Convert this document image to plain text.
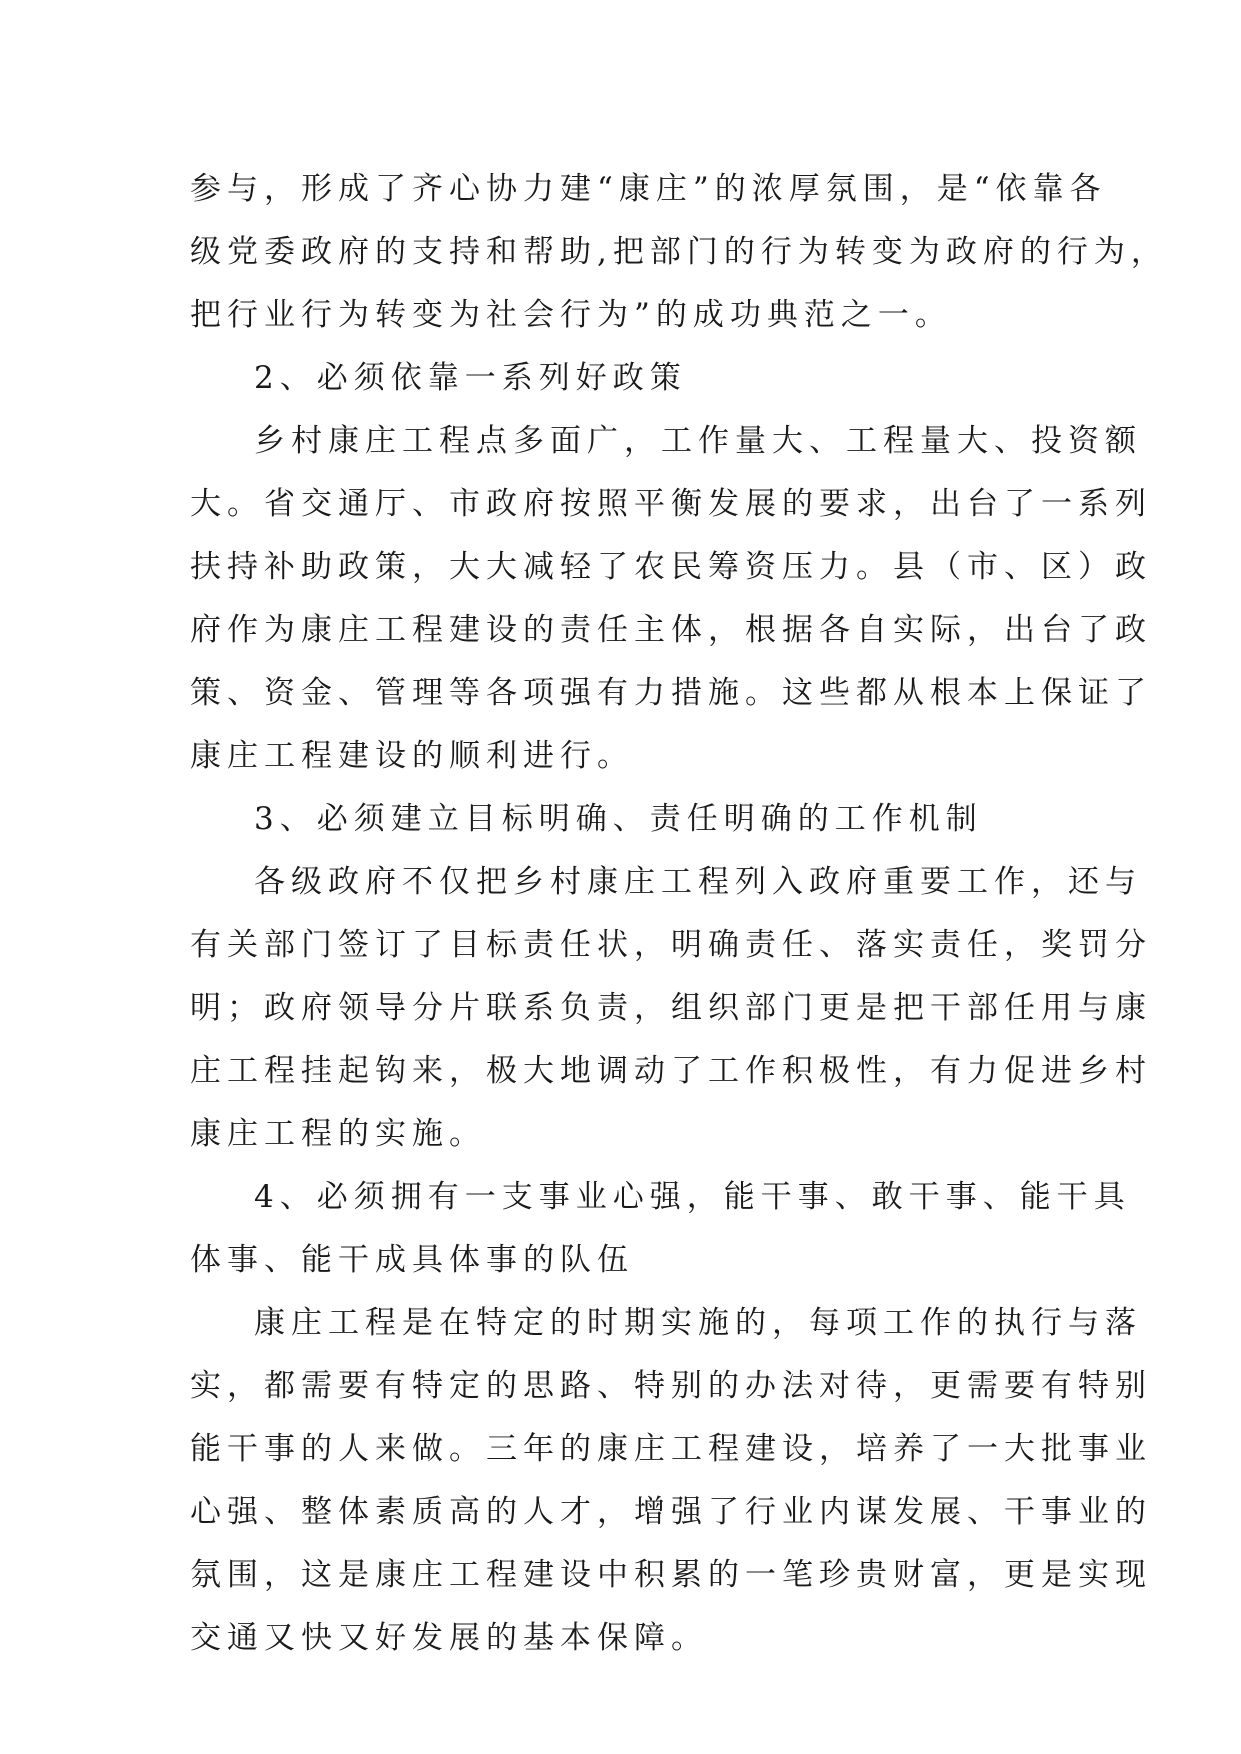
参与，形成了齐心协力建“康庄”的浓厚氛围，是“依靠各
级党委政府的支持和帮助,把部门的行为转变为政府的行为，
把行业行为转变为社会行为”的成功典范之一。
2、必须依靠一系列好政策
乡村康庄工程点多面广，工作量大、工程量大、投资额
大。省交通厅、市政府按照平衡发展的要求，出台了一系列
扶持补助政策，大大减轻了农民筹资压力。县（市、区）政
府作为康庄工程建设的责任主体，根据各自实际，出台了政
策、资金、管理等各项强有力措施。这些都从根本上保证了
康庄工程建设的顺利进行。
3、必须建立目标明确、责任明确的工作机制
各级政府不仅把乡村康庄工程列入政府重要工作，还与
有关部门签订了目标责任状，明确责任、落实责任，奖罚分
明；政府领导分片联系负责，组织部门更是把干部任用与康
庄工程挂起钩来，极大地调动了工作积极性，有力促进乡村
康庄工程的实施。
4、必须拥有一支事业心强，能干事、敢干事、能干具
体事、能干成具体事的队伍
康庄工程是在特定的时期实施的，每项工作的执行与落
实，都需要有特定的思路、特别的办法对待，更需要有特别
能干事的人来做。三年的康庄工程建设，培养了一大批事业
心强、整体素质高的人才，增强了行业内谋发展、干事业的
氛围，这是康庄工程建设中积累的一笔珍贵财富，更是实现
交通又快又好发展的基本保障。
